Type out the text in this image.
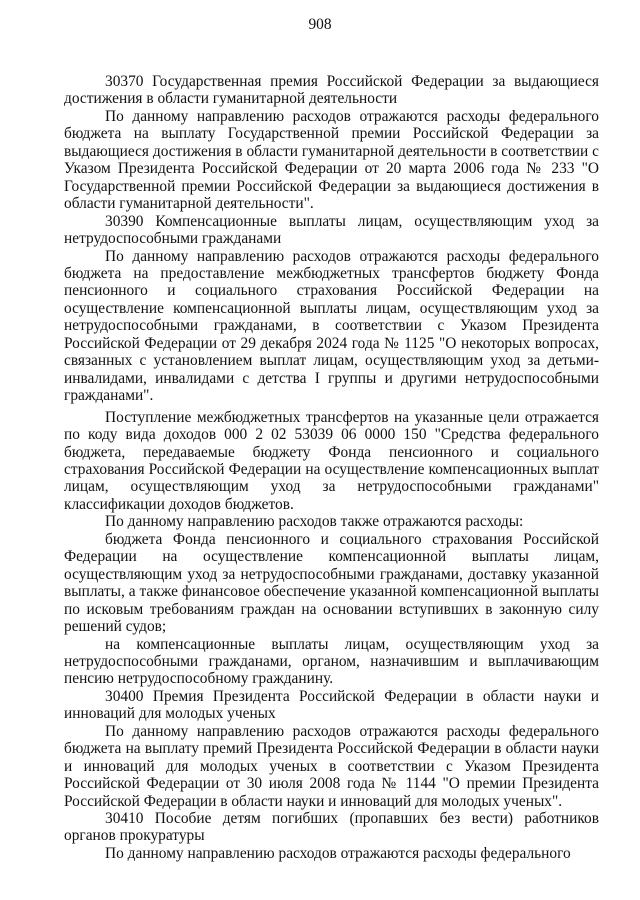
908

30370 Государственная премия Российской Федерации за выдающиеся достижения в области гуманитарной деятельности

По данному направлению расходов отражаются расходы федерального бюджета на выплату Государственной премии Российской Федерации за выдающиеся достижения в области гуманитарной деятельности в соответствии с Указом Президента Российской Федерации от 20 марта 2006 года № 233 "О Государственной премии Российской Федерации за выдающиеся достижения в области гуманитарной деятельности".

30390 Компенсационные выплаты лицам, осуществляющим уход за нетрудоспособными гражданами

По данному направлению расходов отражаются расходы федерального бюджета на предоставление межбюджетных трансфертов бюджету Фонда пенсионного и социального страхования Российской Федерации на осуществление компенсационной выплаты лицам, осуществляющим уход за нетрудоспособными гражданами, в соответствии с Указом Президента Российской Федерации от 29 декабря 2024 года № 1125 "О некоторых вопросах, связанных с установлением выплат лицам, осуществляющим уход за детьми-инвалидами, инвалидами с детства I группы и другими нетрудоспособными гражданами".

Поступление межбюджетных трансфертов на указанные цели отражается по коду вида доходов 000 2 02 53039 06 0000 150 "Средства федерального бюджета, передаваемые бюджету Фонда пенсионного и социального страхования Российской Федерации на осуществление компенсационных выплат лицам, осуществляющим уход за нетрудоспособными гражданами" классификации доходов бюджетов.

По данному направлению расходов также отражаются расходы:

бюджета Фонда пенсионного и социального страхования Российской Федерации на осуществление компенсационной выплаты лицам, осуществляющим уход за нетрудоспособными гражданами, доставку указанной выплаты, а также финансовое обеспечение указанной компенсационной выплаты по исковым требованиям граждан на основании вступивших в законную силу решений судов;

на компенсационные выплаты лицам, осуществляющим уход за нетрудоспособными гражданами, органом, назначившим и выплачивающим пенсию нетрудоспособному гражданину.

30400 Премия Президента Российской Федерации в области науки и инноваций для молодых ученых

По данному направлению расходов отражаются расходы федерального бюджета на выплату премий Президента Российской Федерации в области науки и инноваций для молодых ученых в соответствии с Указом Президента Российской Федерации от 30 июля 2008 года № 1144 "О премии Президента Российской Федерации в области науки и инноваций для молодых ученых".

30410 Пособие детям погибших (пропавших без вести) работников органов прокуратуры

По данному направлению расходов отражаются расходы федерального
